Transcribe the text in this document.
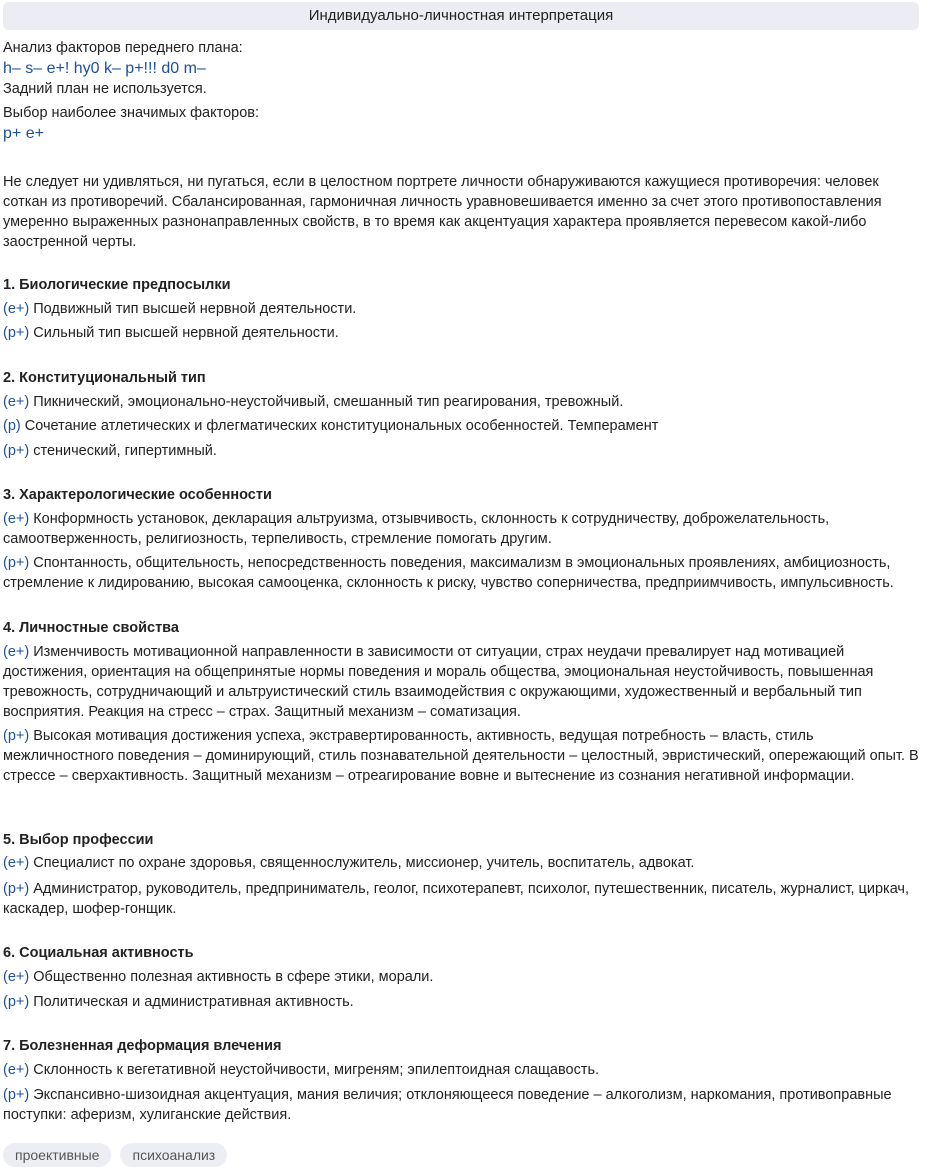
Индивидуально-личностная интерпретация
Анализ факторов переднего плана:
h– s– e+! hy0 k– p+!!! d0 m–
Задний план не используется.
Выбор наиболее значимых факторов:
p+ e+
Не следует ни удивляться, ни пугаться, если в целостном портрете личности обнаруживаются кажущиеся противоречия: человек соткан из противоречий. Сбалансированная, гармоничная личность уравновешивается именно за счет этого противопоставления умеренно выраженных разнонаправленных свойств, в то время как акцентуация характера проявляется перевесом какой-либо заостренной черты.
1. Биологические предпосылки
(e+) Подвижный тип высшей нервной деятельности.
(p+) Сильный тип высшей нервной деятельности.
2. Конституциональный тип
(e+) Пикнический, эмоционально-неустойчивый, смешанный тип реагирования, тревожный.
(p) Сочетание атлетических и флегматических конституциональных особенностей. Темперамент
(p+) стенический, гипертимный.
3. Характерологические особенности
(e+) Конформность установок, декларация альтруизма, отзывчивость, склонность к сотрудничеству, доброжелательность, самоотверженность, религиозность, терпеливость, стремление помогать другим.
(p+) Спонтанность, общительность, непосредственность поведения, максимализм в эмоциональных проявлениях, амбициозность, стремление к лидированию, высокая самооценка, склонность к риску, чувство соперничества, предприимчивость, импульсивность.
4. Личностные свойства
(e+) Изменчивость мотивационной направленности в зависимости от ситуации, страх неудачи превалирует над мотивацией достижения, ориентация на общепринятые нормы поведения и мораль общества, эмоциональная неустойчивость, повышенная тревожность, сотрудничающий и альтруистический стиль взаимодействия с окружающими, художественный и вербальный тип восприятия. Реакция на стресс – страх. Защитный механизм – соматизация.
(p+) Высокая мотивация достижения успеха, экстравертированность, активность, ведущая потребность – власть, стиль межличностного поведения – доминирующий, стиль познавательной деятельности – целостный, эвристический, опережающий опыт. В стрессе – сверхактивность. Защитный механизм – отреагирование вовне и вытеснение из сознания негативной информации.
5. Выбор профессии
(e+) Специалист по охране здоровья, священнослужитель, миссионер, учитель, воспитатель, адвокат.
(p+) Администратор, руководитель, предприниматель, геолог, психотерапевт, психолог, путешественник, писатель, журналист, циркач, каскадер, шофер-гонщик.
6. Социальная активность
(e+) Общественно полезная активность в сфере этики, морали.
(p+) Политическая и административная активность.
7. Болезненная деформация влечения
(e+) Склонность к вегетативной неустойчивости, мигреням; эпилептоидная слащавость.
(p+) Экспансивно-шизоидная акцентуация, мания величия; отклоняющееся поведение – алкоголизм, наркомания, противоправные поступки: аферизм, хулиганские действия.
проективные	психоанализ
